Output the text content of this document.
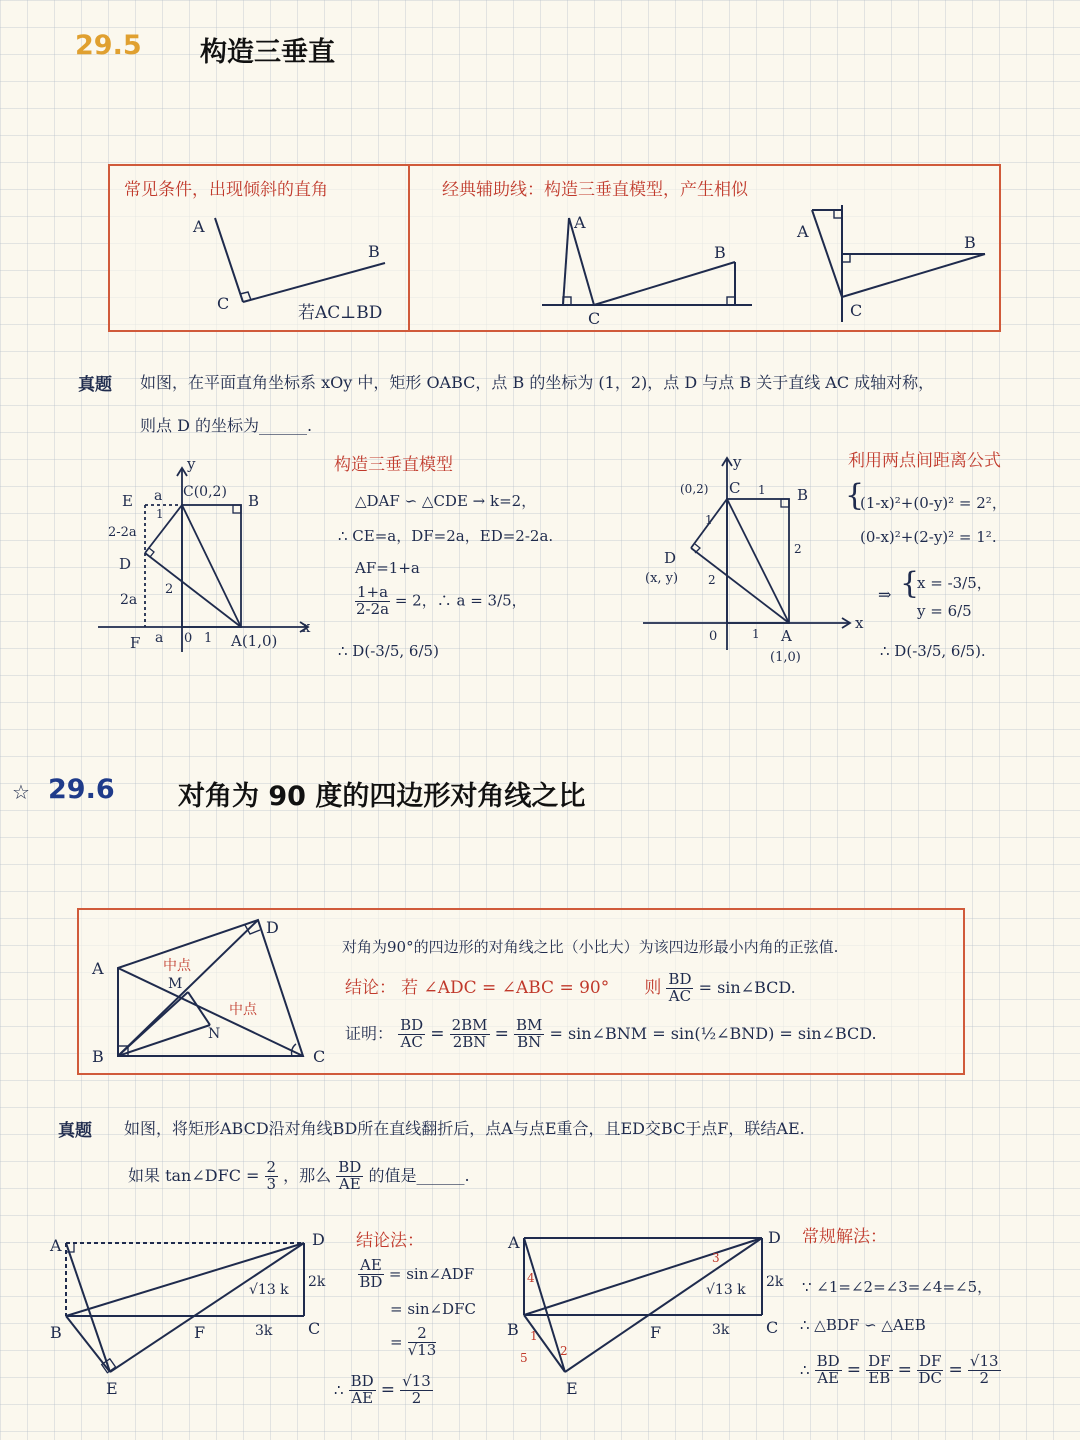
29.5 构造三垂直
常见条件，出现倾斜的直角
若AC⊥BD
经典辅助线：构造三垂直模型，产生相似
A
B
C
A
B
C
A
B
C
y
x
E a C(0,2) B
2-2a
D
2a
2
1
F a 0 1 A(1,0)
y
x
(0,2) C 1 B
2
1
D
(x, y) 2
0	1 A
(1,0)
真题 如图，在平面直角坐标系 xOy 中，矩形 OABC，点 B 的坐标为 (1，2)，点 D 与点 B 关于直线 AC 成轴对称，
则点 D 的坐标为______.
构造三垂直模型
△DAF ∽ △CDE → k=2，
∴ CE=a，DF=2a，ED=2-2a.
AF=1+a
$\frac{1+a}{2-2a} = 2$，∴ a = 3/5，
∴ D(-3/5, 6/5)
利用两点间距离公式
{
(1-x)²+(0-y)² = 2²，
(0-x)²+(2-y)² = 1².
⇒ {
x = -3/5，
y = 6/5
∴ D(-3/5, 6/5).
☆ 29.6 对角为 90 度的四边形对角线之比
对角为90°的四边形的对角线之比（小比大）为该四边形最小内角的正弦值.
结论： 若 ∠ADC = ∠ABC = 90° 则 $\frac{BD}{AC}$ = sin∠BCD.
证明： $\frac{BD}{AC} = \frac{2BM}{2BN} = \frac{BM}{BN}$ = sin∠BNM = sin(½∠BND) = sin∠BCD.
A
D
B	C
M
N
中点
中点
A	D
B	F	C
E
√13 k 2k
3k
A	D
B	F	C
E
√13 k 2k
3k
4
1
5
3
2
真题 如图，将矩形ABCD沿对角线BD所在直线翻折后，点A与点E重合，且ED交BC于点F，联结AE.
如果 tan∠DFC = $\frac{2}{3}$ ，那么 $\frac{BD}{AE}$ 的值是______.
结论法：
$\frac{AE}{BD}$ = sin∠ADF
= sin∠DFC
= $\frac{2}{√13}$
∴ $\frac{BD}{AE} = \frac{√13}{2}$
常规解法：
∵ ∠1=∠2=∠3=∠4=∠5，
∴ △BDF ∽ △AEB
∴ $\frac{BD}{AE} = \frac{DF}{EB} = \frac{DF}{DC} = \frac{√13}{2}$
